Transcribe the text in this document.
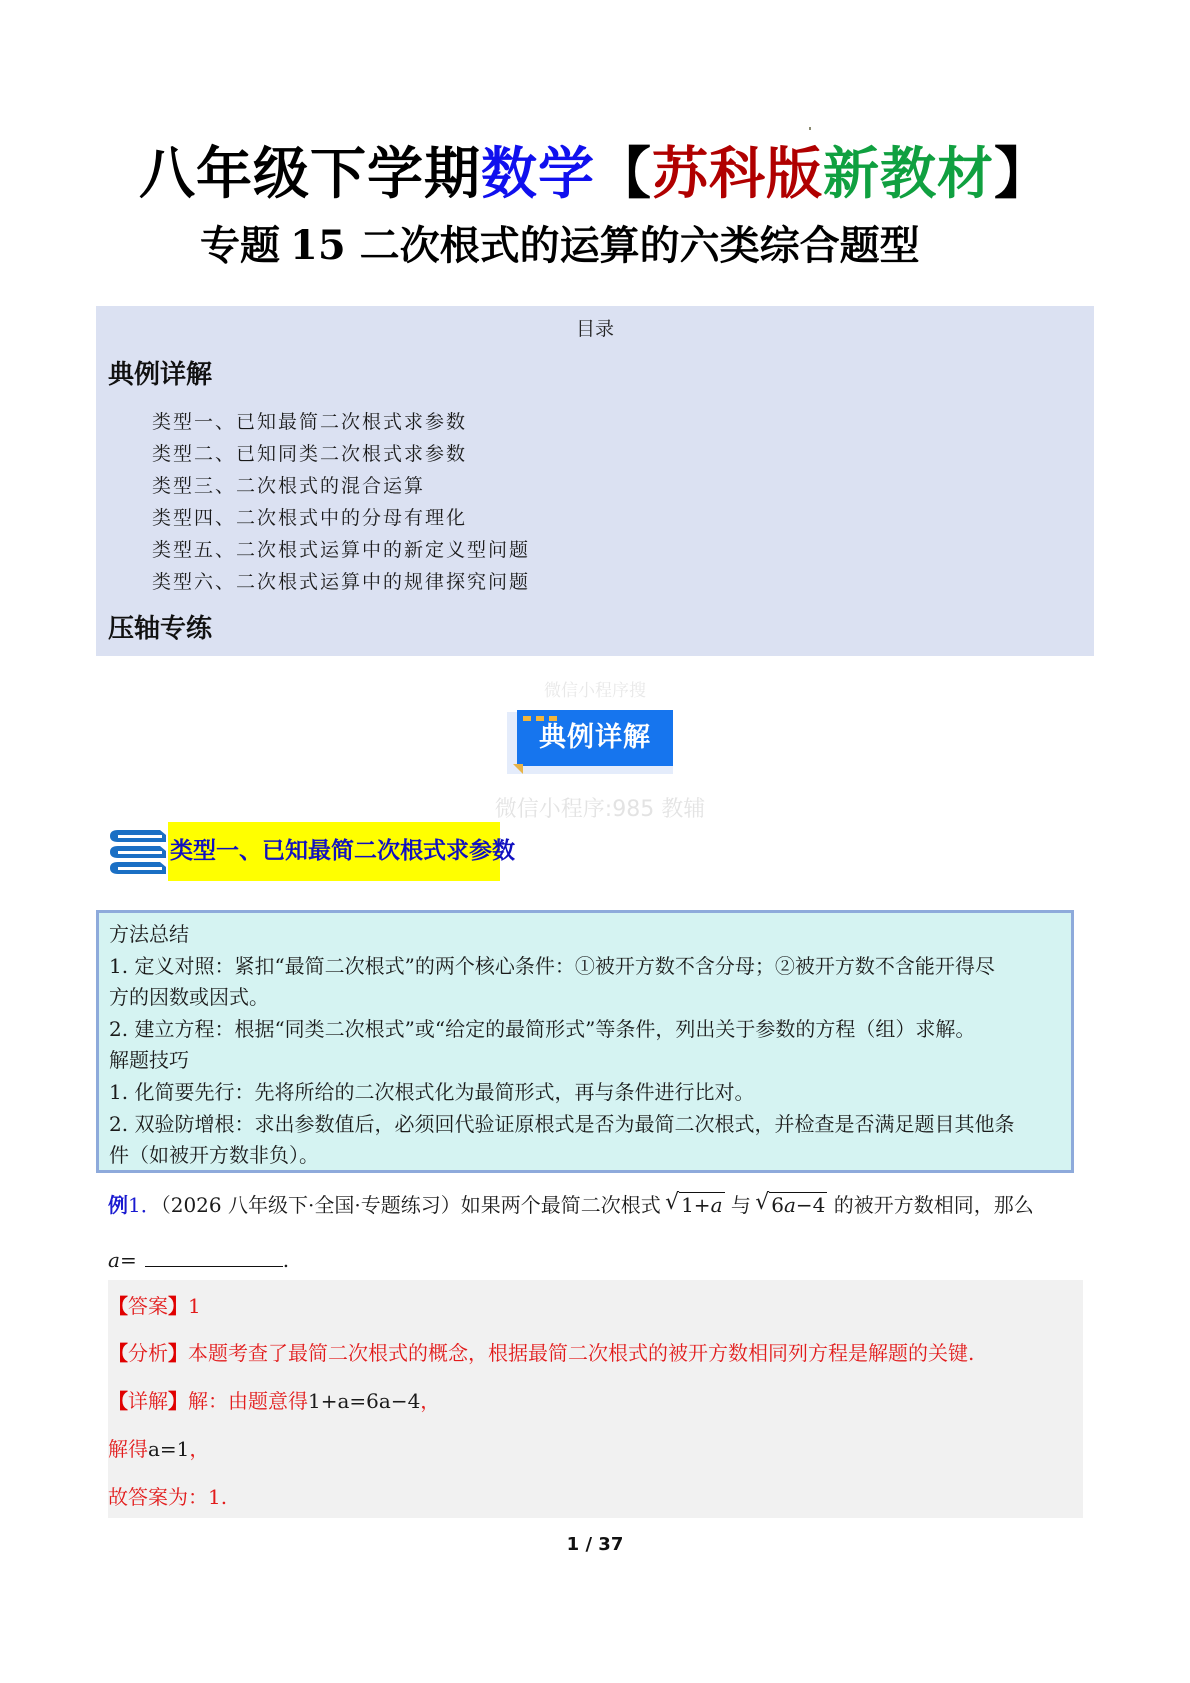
八年级下学期数学【苏科版新教材】
专题 15 二次根式的运算的六类综合题型
目录
典例详解
类型一、已知最简二次根式求参数
类型二、已知同类二次根式求参数
类型三、二次根式的混合运算
类型四、二次根式中的分母有理化
类型五、二次根式运算中的新定义型问题
类型六、二次根式运算中的规律探究问题
压轴专练
微信小程序搜
典例详解
微信小程序:985 教辅
类型一、已知最简二次根式求参数

方法总结

1. 定义对照：紧扣“最简二次根式”的两个核心条件：①被开方数不含分母；②被开方数不含能开得尽

方的因数或因式。

2. 建立方程：根据“同类二次根式”或“给定的最简形式”等条件，列出关于参数的方程（组）求解。

解题技巧

1. 化简要先行：先将所给的二次根式化为最简形式，再与条件进行比对。

2. 双验防增根：求出参数值后，必须回代验证原根式是否为最简二次根式，并检查是否满足题目其他条

件（如被开方数非负）。

例1．（2026 八年级下·全国·专题练习）如果两个最简二次根式 √ 1+a 与 √ 6a−4 的被开方数相同，那么
a=	.
【答案】1
【分析】本题考查了最简二次根式的概念，根据最简二次根式的被开方数相同列方程是解题的关键.
【详解】解：由题意得1+a=6a−4，
解得a=1，
故答案为：1.
1 / 37
